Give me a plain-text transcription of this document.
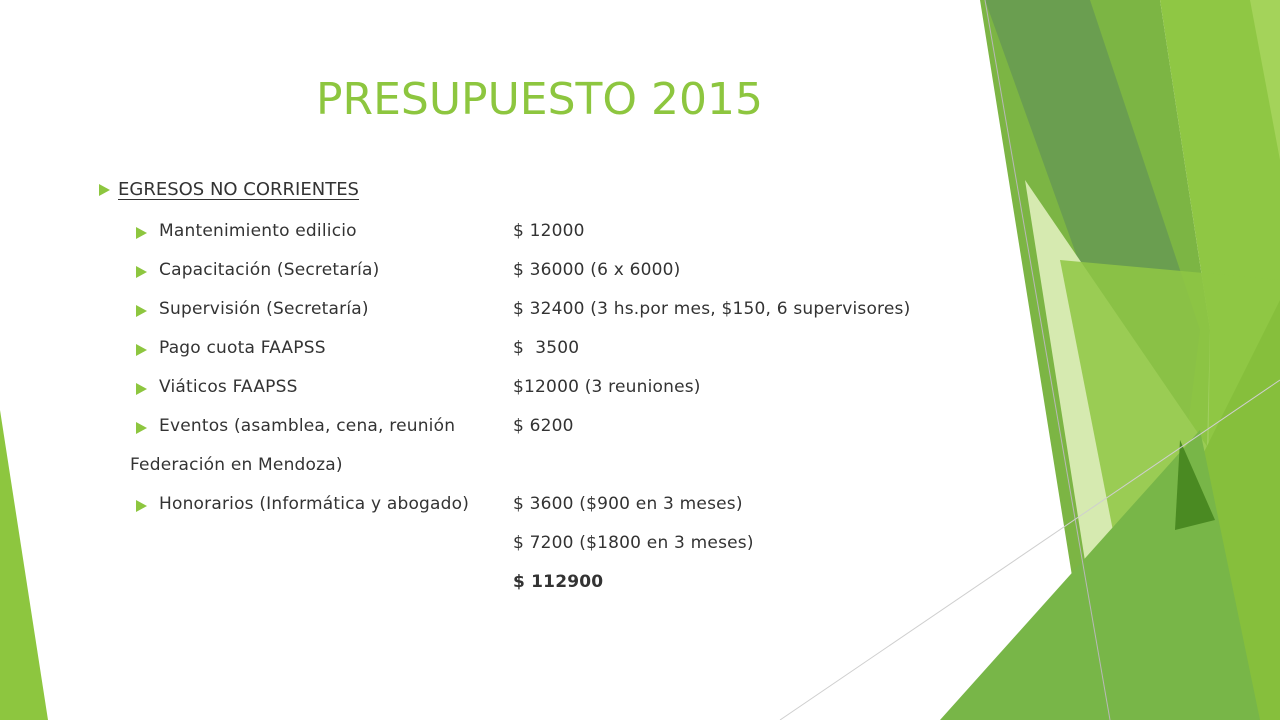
PRESUPUESTO 2015
EGRESOS NO CORRIENTES
Mantenimiento edilicio	$ 12000
Capacitación (Secretaría)	$ 36000 (6 x 6000)
Supervisión (Secretaría)	$ 32400 (3 hs.por mes, $150, 6 supervisores)
Pago cuota FAAPSS	$  3500
Viáticos FAAPSS	$12000 (3 reuniones)
Eventos (asamblea, cena, reunión	$ 6200
Federación en Mendoza)
Honorarios (Informática y abogado)	$ 3600 ($900 en 3 meses)
$ 7200 ($1800 en 3 meses)
$ 112900
